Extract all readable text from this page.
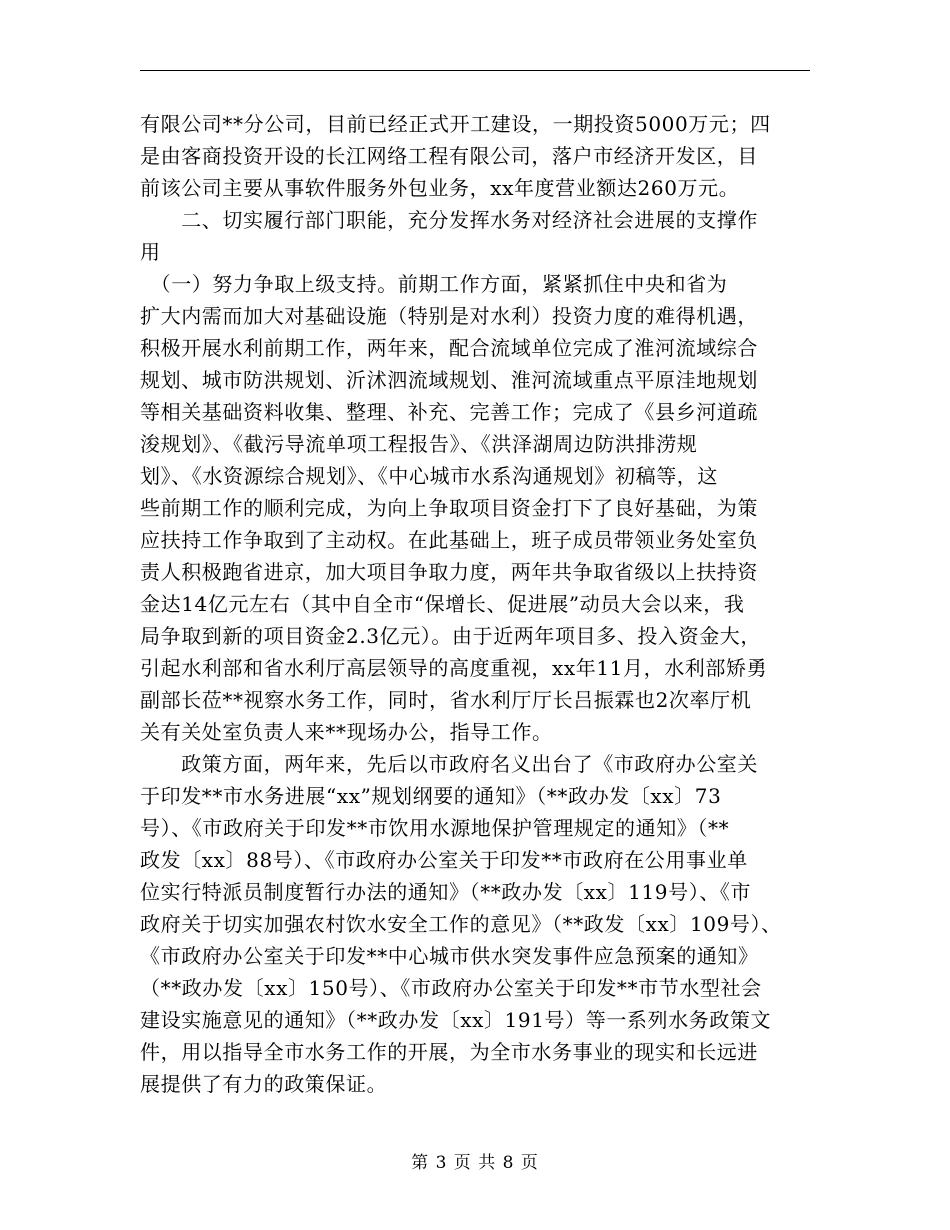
有限公司**分公司，目前已经正式开工建设，一期投资5000万元；四
是由客商投资开设的长江网络工程有限公司，落户市经济开发区，目
前该公司主要从事软件服务外包业务，xx年度营业额达260万元。
　　二、切实履行部门职能，充分发挥水务对经济社会进展的支撑作
用
　（一）努力争取上级支持。前期工作方面，紧紧抓住中央和省为
扩大内需而加大对基础设施（特别是对水利）投资力度的难得机遇，
积极开展水利前期工作，两年来，配合流域单位完成了淮河流域综合
规划、城市防洪规划、沂沭泗流域规划、淮河流域重点平原洼地规划
等相关基础资料收集、整理、补充、完善工作；完成了《县乡河道疏
浚规划》、《截污导流单项工程报告》、《洪泽湖周边防洪排涝规
划》、《水资源综合规划》、《中心城市水系沟通规划》初稿等，这
些前期工作的顺利完成，为向上争取项目资金打下了良好基础，为策
应扶持工作争取到了主动权。在此基础上，班子成员带领业务处室负
责人积极跑省进京，加大项目争取力度，两年共争取省级以上扶持资
金达14亿元左右（其中自全市“保增长、促进展”动员大会以来，我
局争取到新的项目资金2.3亿元）。由于近两年项目多、投入资金大，
引起水利部和省水利厅高层领导的高度重视，xx年11月，水利部矫勇
副部长莅**视察水务工作，同时，省水利厅厅长吕振霖也2次率厅机
关有关处室负责人来**现场办公，指导工作。
　　政策方面，两年来，先后以市政府名义出台了《市政府办公室关
于印发**市水务进展“xx”规划纲要的通知》（**政办发〔xx〕73
号）、《市政府关于印发**市饮用水源地保护管理规定的通知》（**
政发〔xx〕88号）、《市政府办公室关于印发**市政府在公用事业单
位实行特派员制度暂行办法的通知》（**政办发〔xx〕119号）、《市
政府关于切实加强农村饮水安全工作的意见》（**政发〔xx〕109号）、
《市政府办公室关于印发**中心城市供水突发事件应急预案的通知》
（**政办发〔xx〕150号）、《市政府办公室关于印发**市节水型社会
建设实施意见的通知》（**政办发〔xx〕191号）等一系列水务政策文
件，用以指导全市水务工作的开展，为全市水务事业的现实和长远进
展提供了有力的政策保证。
第 3 页 共 8 页
